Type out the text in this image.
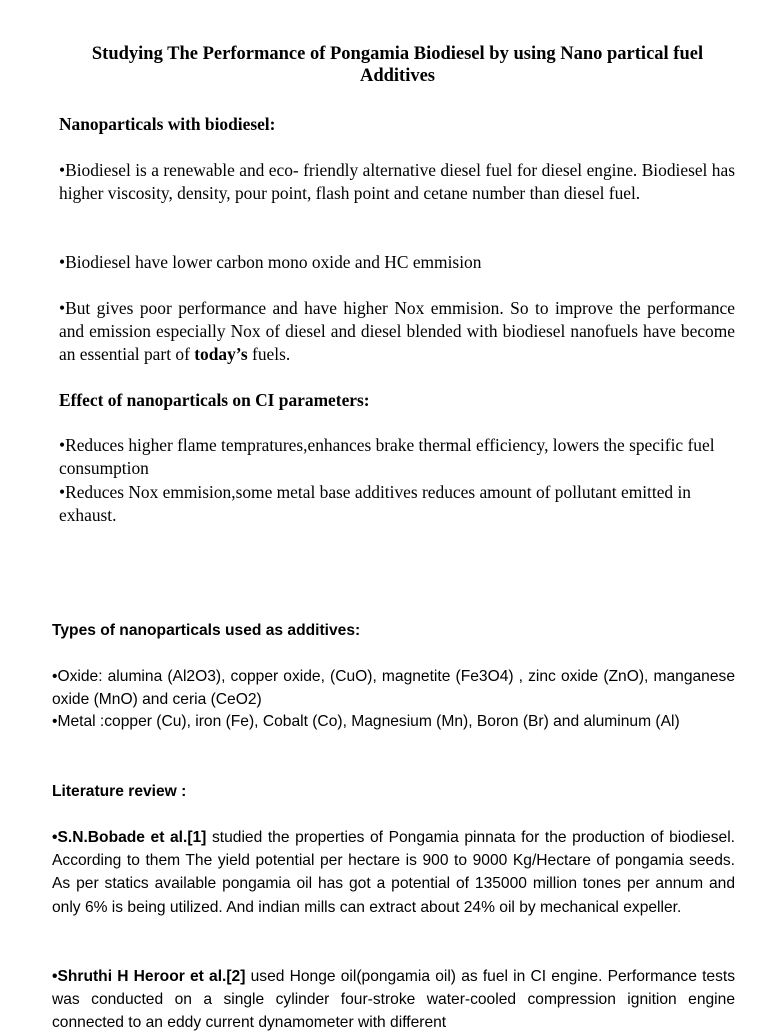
Studying The Performance of Pongamia Biodiesel by using Nano partical fuel Additives
Nanoparticals with biodiesel:
•Biodiesel is a renewable and eco- friendly alternative diesel fuel for diesel engine. Biodiesel has higher viscosity, density, pour point, flash point and cetane number than diesel fuel.
•Biodiesel have lower carbon mono oxide and HC emmision
•But gives poor performance and have higher Nox emmision. So to improve the performance and emission especially Nox of diesel and diesel blended with biodiesel nanofuels have become an essential part of today’s fuels.
Effect of nanoparticals on CI parameters:
•Reduces higher flame tempratures,enhances brake thermal efficiency, lowers the specific fuel consumption
•Reduces Nox emmision,some metal base additives reduces amount of pollutant emitted in exhaust.
Types of nanoparticals used as additives:
•Oxide: alumina (Al2O3), copper oxide, (CuO), magnetite (Fe3O4) , zinc oxide (ZnO), manganese oxide (MnO) and ceria (CeO2)
•Metal :copper (Cu), iron (Fe), Cobalt (Co), Magnesium (Mn), Boron (Br) and aluminum (Al)
Literature review :
•S.N.Bobade et al.[1] studied the properties of Pongamia pinnata for the production of biodiesel. According to them The yield potential per hectare is 900 to 9000 Kg/Hectare of pongamia seeds. As per statics available pongamia oil has got a potential of 135000 million tones per annum and only 6% is being utilized. And indian mills can extract about 24% oil by mechanical expeller.
•Shruthi H Heroor et al.[2] used Honge oil(pongamia oil) as fuel in CI engine. Performance tests was conducted on a single cylinder four-stroke water-cooled compression ignition engine connected to an eddy current dynamometer with different
